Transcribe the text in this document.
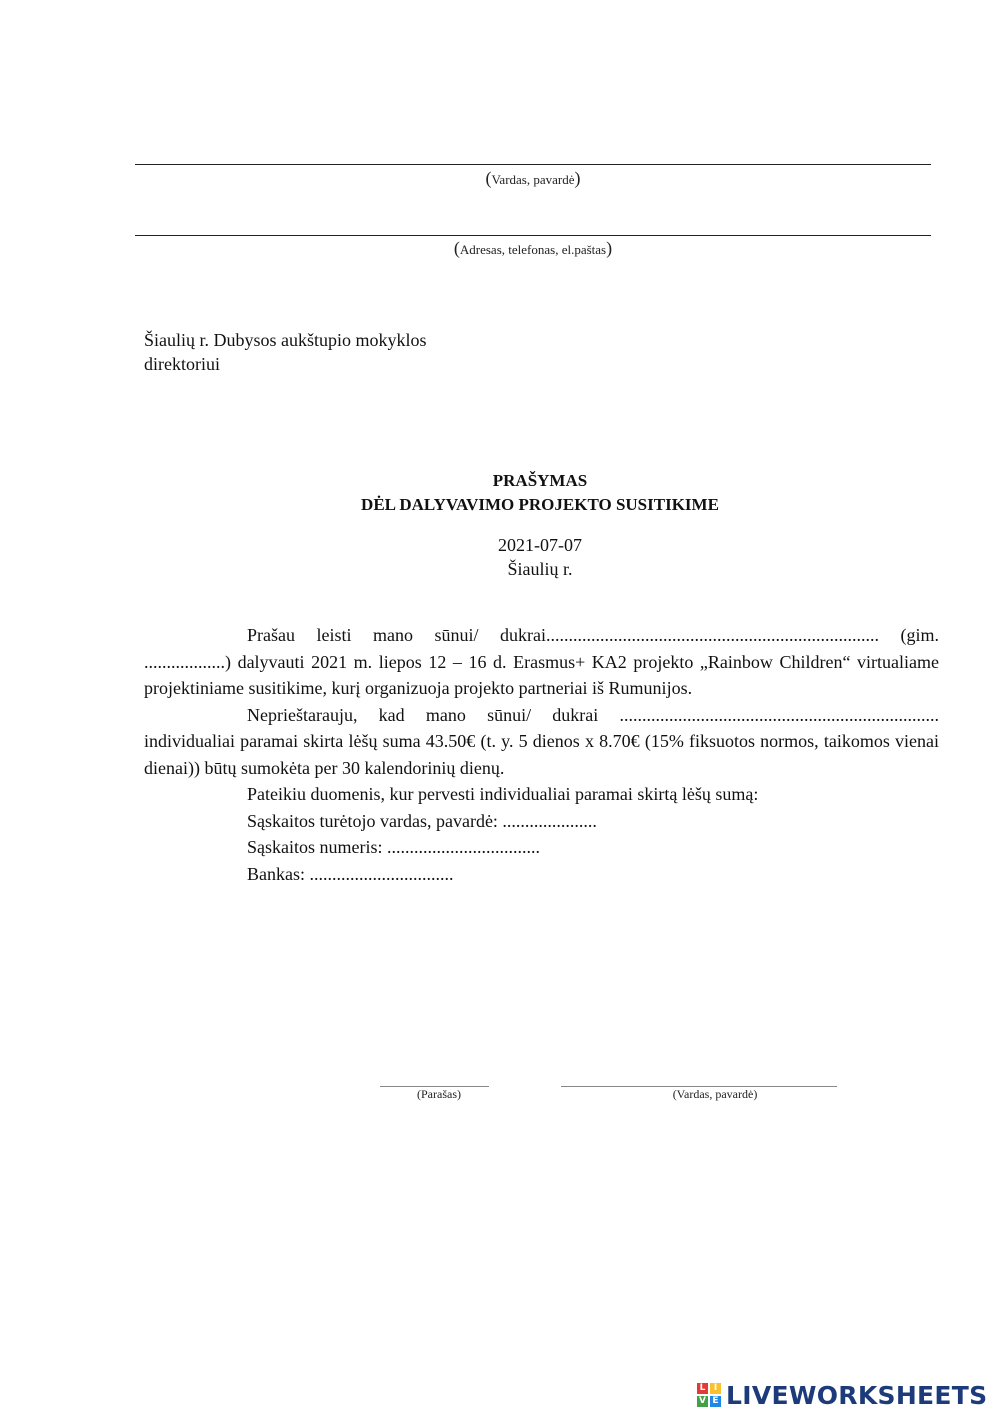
(Vardas, pavardė)
(Adresas, telefonas, el.paštas)
Šiaulių r. Dubysos aukštupio mokyklos
direktoriui
PRAŠYMAS
DĖL DALYVAVIMO PROJEKTO SUSITIKIME
2021-07-07
Šiaulių r.

Prašau leisti mano sūnui/ dukrai.......................................................................... (gim. ..................) dalyvauti 2021 m. liepos 12 – 16 d. Erasmus+ KA2 projekto „Rainbow Children“ virtualiame projektiniame susitikime, kurį organizuoja projekto partneriai iš Rumunijos.

Neprieštarauju, kad mano sūnui/ dukrai ....................................................................... individualiai paramai skirta lėšų suma 43.50€ (t. y. 5 dienos x 8.70€ (15% fiksuotos normos, taikomos vienai dienai)) būtų sumokėta per 30 kalendorinių dienų.

Pateikiu duomenis, kur pervesti individualiai paramai skirtą lėšų sumą:

Sąskaitos turėtojo vardas, pavardė: .....................

Sąskaitos numeris: ..................................

Bankas: ................................

(Parašas)	(Vardas, pavardė)
L I
V E LIVEWORKSHEETS
